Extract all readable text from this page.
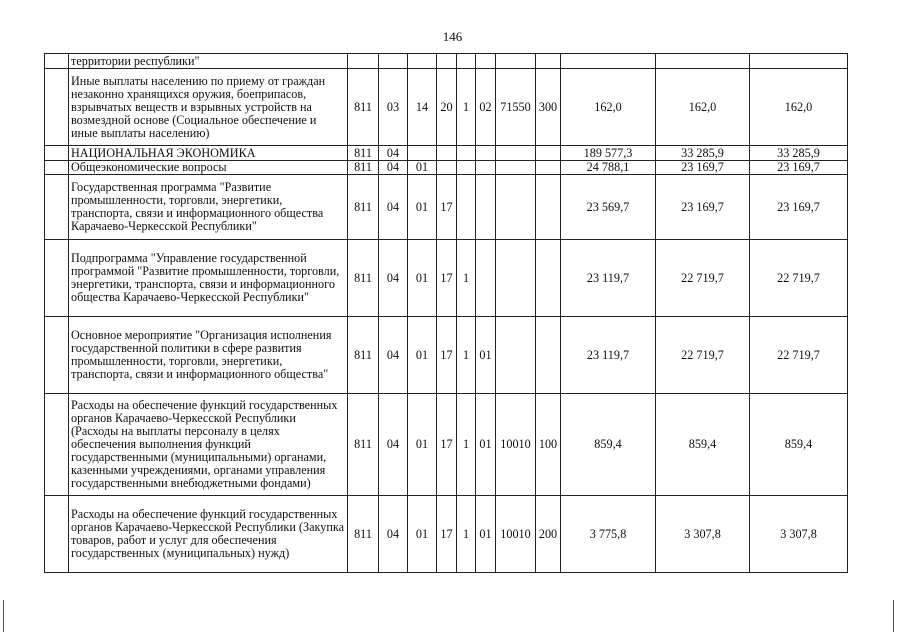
146
	территории республики"											
	Иные выплаты населению по приему от граждан незаконно хранящихся оружия, боеприпасов, взрывчатых веществ и взрывных устройств на возмездной основе (Социальное обеспечение и иные выплаты населению)	811	03	14	20	1	02	71550	300	162,0	162,0	162,0
	НАЦИОНАЛЬНАЯ ЭКОНОМИКА	811	04							189 577,3	33 285,9	33 285,9
	Общеэкономические вопросы	811	04	01						24 788,1	23 169,7	23 169,7
	Государственная программа "Развитие промышленности, торговли, энергетики, транспорта, связи и информационного общества Карачаево-Черкесской Республики"	811	04	01	17					23 569,7	23 169,7	23 169,7
	Подпрограмма "Управление государственной программой "Развитие промышленности, торговли, энергетики, транспорта, связи и информационного общества Карачаево-Черкесской Республики"	811	04	01	17	1				23 119,7	22 719,7	22 719,7
	Основное мероприятие "Организация исполнения государственной политики в сфере развития промышленности, торговли, энергетики, транспорта, связи и информационного общества"	811	04	01	17	1	01			23 119,7	22 719,7	22 719,7
	Расходы на обеспечение функций государственных органов Карачаево-Черкесской Республики (Расходы на выплаты персоналу в целях обеспечения выполнения функций государственными (муниципальными) органами, казенными учреждениями, органами управления государственными внебюджетными фондами)	811	04	01	17	1	01	10010	100	859,4	859,4	859,4
	Расходы на обеспечение функций государственных органов Карачаево-Черкесской Республики (Закупка товаров, работ и услуг для обеспечения государственных (муниципальных) нужд)	811	04	01	17	1	01	10010	200	3 775,8	3 307,8	3 307,8
